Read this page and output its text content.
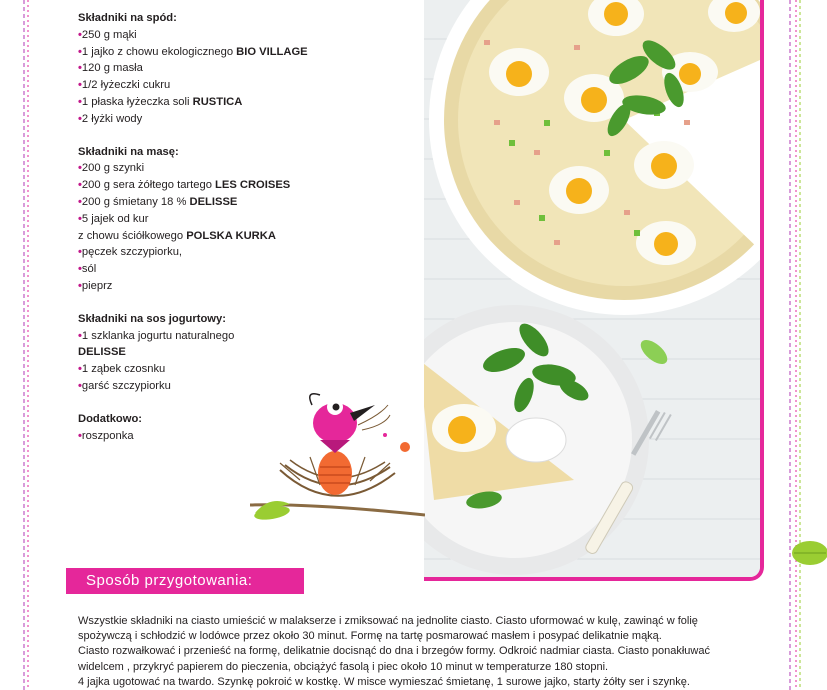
Składniki na spód:
•250 g mąki
•1 jajko z chowu ekologicznego BIO VILLAGE
•120 g masła
•1/2 łyżeczki cukru
•1 płaska łyżeczka soli RUSTICA
•2 łyżki wody
Składniki na masę:
•200 g szynki
•200 g sera żółtego tartego LES CROISES
•200 g śmietany 18 % DELISSE
•5 jajek od kur
z chowu ściółkowego POLSKA KURKA
•pęczek szczypiorku,
•sól
•pieprz
Składniki na sos jogurtowy:
•1 szklanka jogurtu naturalnego
DELISSE
•1 ząbek czosnku
•garść szczypiorku
Dodatkowo:
•roszponka
Sposób przygotowania:

Wszystkie składniki na ciasto umieścić w malakserze i zmiksować na jednolite ciasto. Ciasto uformować w kulę, zawinąć w folię

spożywczą i schłodzić w lodówce przez około 30 minut. Formę na tartę posmarować masłem i posypać delikatnie mąką.

Ciasto rozwałkować i przenieść na formę, delikatnie docisnąć do dna i brzegów formy. Odkroić nadmiar ciasta. Ciasto ponakłuwać

widelcem , przykryć papierem do pieczenia, obciążyć fasolą i piec około 10 minut w temperaturze 180 stopni.

4 jajka ugotować na twardo. Szynkę pokroić w kostkę. W misce wymieszać śmietanę, 1 surowe jajko, starty żółty ser i szynkę.
